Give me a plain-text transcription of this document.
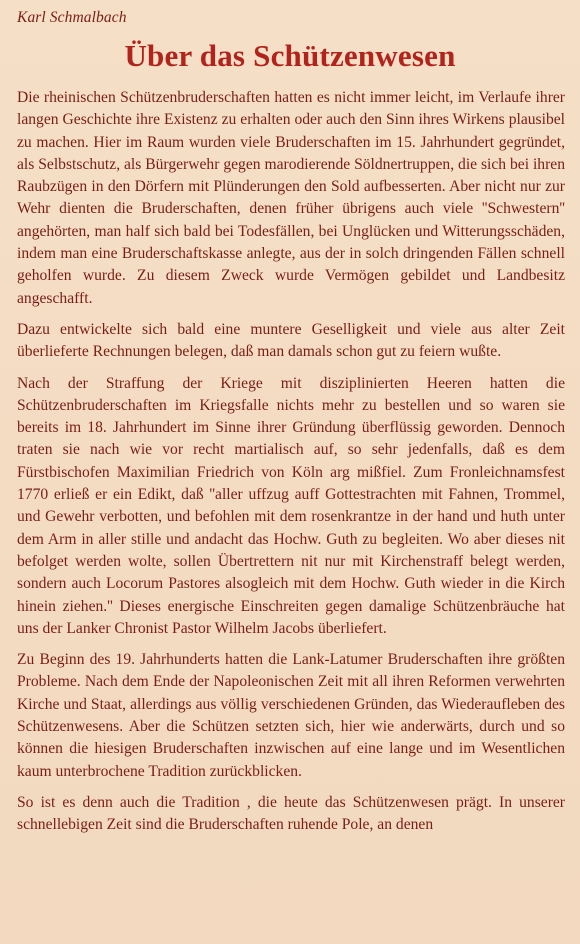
Karl Schmalbach
Über das Schützenwesen

Die rheinischen Schützenbruderschaften hatten es nicht immer leicht, im Verlaufe ihrer langen Geschichte ihre Existenz zu erhalten oder auch den Sinn ihres Wirkens plausibel zu machen. Hier im Raum wurden viele Bruderschaften im 15. Jahrhundert gegründet, als Selbstschutz, als Bürgerwehr gegen marodierende Söldnertruppen, die sich bei ihren Raubzügen in den Dörfern mit Plünderungen den Sold aufbesserten. Aber nicht nur zur Wehr dienten die Bruderschaften, denen früher übrigens auch viele ''Schwestern'' angehörten, man half sich bald bei Todesfällen, bei Unglücken und Witterungsschäden, indem man eine Bruderschaftskasse anlegte, aus der in solch dringenden Fällen schnell geholfen wurde. Zu diesem Zweck wurde Vermögen gebildet und Landbesitz angeschafft.

Dazu entwickelte sich bald eine muntere Geselligkeit und viele aus alter Zeit überlieferte Rechnungen belegen, daß man damals schon gut zu feiern wußte.

Nach der Straffung der Kriege mit disziplinierten Heeren hatten die Schützenbruderschaften im Kriegsfalle nichts mehr zu bestellen und so waren sie bereits im 18. Jahrhundert im Sinne ihrer Gründung überflüssig geworden. Dennoch traten sie nach wie vor recht martialisch auf, so sehr jedenfalls, daß es dem Fürstbischofen Maximilian Friedrich von Köln arg mißfiel. Zum Fronleichnamsfest 1770 erließ er ein Edikt, daß ''aller uffzug auff Gottestrachten mit Fahnen, Trommel, und Gewehr verbotten, und befohlen mit dem rosenkrantze in der hand und huth unter dem Arm in aller stille und andacht das Hochw. Guth zu begleiten. Wo aber dieses nit befolget werden wolte, sollen Übertrettern nit nur mit Kirchenstraff belegt werden, sondern auch Locorum Pastores alsogleich mit dem Hochw. Guth wieder in die Kirch hinein ziehen.'' Dieses energische Einschreiten gegen damalige Schützenbräuche hat uns der Lanker Chronist Pastor Wilhelm Jacobs überliefert.

Zu Beginn des 19. Jahrhunderts hatten die Lank-Latumer Bruderschaften ihre größten Probleme. Nach dem Ende der Napoleonischen Zeit mit all ihren Reformen verwehrten Kirche und Staat, allerdings aus völlig verschiedenen Gründen, das Wiederaufleben des Schützenwesens. Aber die Schützen setzten sich, hier wie anderwärts, durch und so können die hiesigen Bruderschaften inzwischen auf eine lange und im Wesentlichen kaum unterbrochene Tradition zurückblicken.

So ist es denn auch die Tradition , die heute das Schützenwesen prägt. In unserer schnellebigen Zeit sind die Bruderschaften ruhende Pole, an denen
